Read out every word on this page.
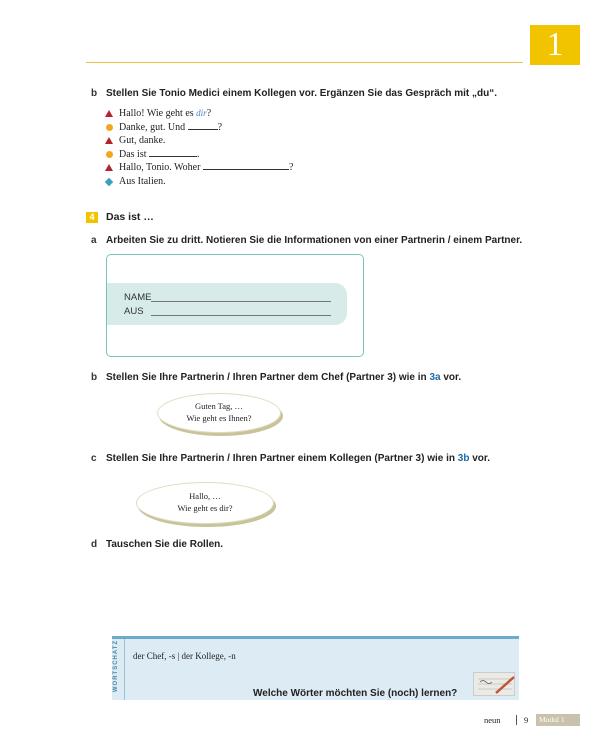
1
b Stellen Sie Tonio Medici einem Kollegen vor. Ergänzen Sie das Gespräch mit „du“.
Hallo! Wie geht es dir?
Danke, gut. Und	?
Gut, danke.
Das ist	.
Hallo, Tonio. Woher	?
Aus Italien.
4	Das ist …
a Arbeiten Sie zu dritt. Notieren Sie die Informationen von einer Partnerin / einem Partner.
NAME
AUS
b Stellen Sie Ihre Partnerin / Ihren Partner dem Chef (Partner 3) wie in 3a vor.
Guten Tag, …
Wie geht es Ihnen?
c Stellen Sie Ihre Partnerin / Ihren Partner einem Kollegen (Partner 3) wie in 3b vor.
Hallo, …
Wie geht es dir?
d Tauschen Sie die Rollen.
WORTSCHATZ der Chef, -s | der Kollege, -n
Welche Wörter möchten Sie (noch) lernen?
neun	9	Modul 1
